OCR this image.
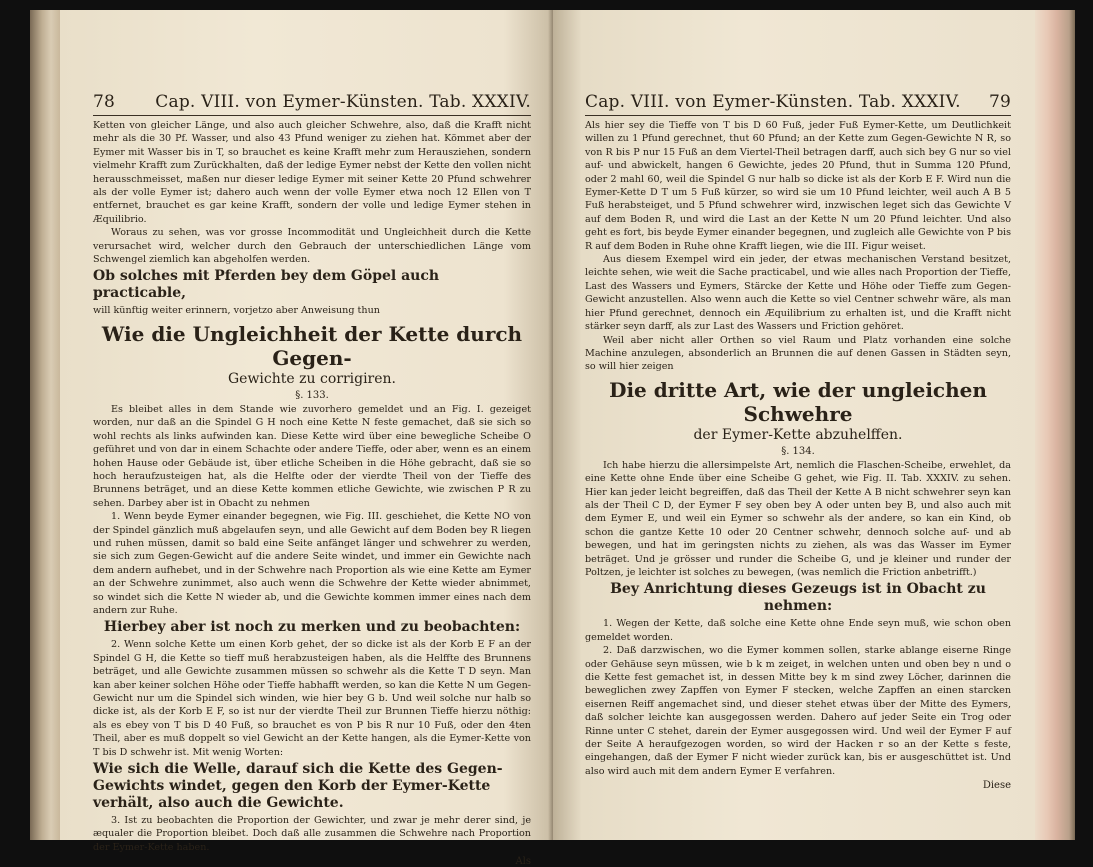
78 Cap. VIII. von Eymer-Künsten. Tab. XXXIV.

Ketten von gleicher Länge, und also auch gleicher Schwehre, also, daß die Krafft nicht mehr als die 30 Pf. Wasser, und also 43 Pfund weniger zu ziehen hat. Kömmet aber der Eymer mit Wasser bis in T, so brauchet es keine Krafft mehr zum Herausziehen, sondern vielmehr Krafft zum Zurückhalten, daß der ledige Eymer nebst der Kette den vollen nicht herausschmeisset, maßen nur dieser ledige Eymer mit seiner Kette 20 Pfund schwehrer als der volle Eymer ist; dahero auch wenn der volle Eymer etwa noch 12 Ellen von T entfernet, brauchet es gar keine Krafft, sondern der volle und ledige Eymer stehen in Æquilibrio.

Woraus zu sehen, was vor grosse Incommodität und Ungleichheit durch die Kette verursachet wird, welcher durch den Gebrauch der unterschiedlichen Länge vom Schwengel ziemlich kan abgeholfen werden.

Ob solches mit Pferden bey dem Göpel auch practicable,

will künftig weiter erinnern, vorjetzo aber Anweisung thun

Wie die Ungleichheit der Kette durch Gegen-
Gewichte zu corrigiren.
§. 133.

Es bleibet alles in dem Stande wie zuvorhero gemeldet und an Fig. I. gezeiget worden, nur daß an die Spindel G H noch eine Kette N feste gemachet, daß sie sich so wohl rechts als links aufwinden kan. Diese Kette wird über eine bewegliche Scheibe O geführet und von dar in einem Schachte oder andere Tieffe, oder aber, wenn es an einem hohen Hause oder Gebäude ist, über etliche Scheiben in die Höhe gebracht, daß sie so hoch heraufzusteigen hat, als die Helfte oder der vierdte Theil von der Tieffe des Brunnens beträget, und an diese Kette kommen etliche Gewichte, wie zwischen P R zu sehen. Darbey aber ist in Obacht zu nehmen

1. Wenn beyde Eymer einander begegnen, wie Fig. III. geschiehet, die Kette NO von der Spindel gänzlich muß abgelaufen seyn, und alle Gewicht auf dem Boden bey R liegen und ruhen müssen, damit so bald eine Seite anfänget länger und schwehrer zu werden, sie sich zum Gegen-Gewicht auf die andere Seite windet, und immer ein Gewichte nach dem andern aufhebet, und in der Schwehre nach Proportion als wie eine Kette am Eymer an der Schwehre zunimmet, also auch wenn die Schwehre der Kette wieder abnimmet, so windet sich die Kette N wieder ab, und die Gewichte kommen immer eines nach dem andern zur Ruhe.

Hierbey aber ist noch zu merken und zu beobachten:

2. Wenn solche Kette um einen Korb gehet, der so dicke ist als der Korb E F an der Spindel G H, die Kette so tieff muß herabzusteigen haben, als die Helffte des Brunnens beträget, und alle Gewichte zusammen müssen so schwehr als die Kette T D seyn. Man kan aber keiner solchen Höhe oder Tieffe habhafft werden, so kan die Kette N um Gegen-Gewicht nur um die Spindel sich winden, wie hier bey G b. Und weil solche nur halb so dicke ist, als der Korb E F, so ist nur der vierdte Theil zur Brunnen Tieffe hierzu nöthig: als es ebey von T bis D 40 Fuß, so brauchet es von P bis R nur 10 Fuß, oder den 4ten Theil, aber es muß doppelt so viel Gewicht an der Kette hangen, als die Eymer-Kette von T bis D schwehr ist. Mit wenig Worten:

Wie sich die Welle, darauf sich die Kette des Gegen-Gewichts windet, gegen den Korb der Eymer-Kette verhält, also auch die Gewichte.

3. Ist zu beobachten die Proportion der Gewichter, und zwar je mehr derer sind, je æqualer die Proportion bleibet. Doch daß alle zusammen die Schwehre nach Proportion der Eymer-Kette haben.

Als
Cap. VIII. von Eymer-Künsten. Tab. XXXIV. 79

Als hier sey die Tieffe von T bis D 60 Fuß, jeder Fuß Eymer-Kette, um Deutlichkeit willen zu 1 Pfund gerechnet, thut 60 Pfund; an der Kette zum Gegen-Gewichte N R, so von R bis P nur 15 Fuß an dem Viertel-Theil betragen darff, auch sich bey G nur so viel auf- und abwickelt, hangen 6 Gewichte, jedes 20 Pfund, thut in Summa 120 Pfund, oder 2 mahl 60, weil die Spindel G nur halb so dicke ist als der Korb E F. Wird nun die Eymer-Kette D T um 5 Fuß kürzer, so wird sie um 10 Pfund leichter, weil auch A B 5 Fuß herabsteiget, und 5 Pfund schwehrer wird, inzwischen leget sich das Gewichte V auf dem Boden R, und wird die Last an der Kette N um 20 Pfund leichter. Und also geht es fort, bis beyde Eymer einander begegnen, und zugleich alle Gewichte von P bis R auf dem Boden in Ruhe ohne Krafft liegen, wie die III. Figur weiset.

Aus diesem Exempel wird ein jeder, der etwas mechanischen Verstand besitzet, leichte sehen, wie weit die Sache practicabel, und wie alles nach Proportion der Tieffe, Last des Wassers und Eymers, Stärcke der Kette und Höhe oder Tieffe zum Gegen-Gewicht anzustellen. Also wenn auch die Kette so viel Centner schwehr wäre, als man hier Pfund gerechnet, dennoch ein Æquilibrium zu erhalten ist, und die Krafft nicht stärker seyn darff, als zur Last des Wassers und Friction gehöret.

Weil aber nicht aller Orthen so viel Raum und Platz vorhanden eine solche Machine anzulegen, absonderlich an Brunnen die auf denen Gassen in Städten seyn, so will hier zeigen

Die dritte Art, wie der ungleichen Schwehre
der Eymer-Kette abzuhelffen.
§. 134.

Ich habe hierzu die allersimpelste Art, nemlich die Flaschen-Scheibe, erwehlet, da eine Kette ohne Ende über eine Scheibe G gehet, wie Fig. II. Tab. XXXIV. zu sehen. Hier kan jeder leicht begreiffen, daß das Theil der Kette A B nicht schwehrer seyn kan als der Theil C D, der Eymer F sey oben bey A oder unten bey B, und also auch mit dem Eymer E, und weil ein Eymer so schwehr als der andere, so kan ein Kind, ob schon die gantze Kette 10 oder 20 Centner schwehr, dennoch solche auf- und ab bewegen, und hat im geringsten nichts zu ziehen, als was das Wasser im Eymer beträget. Und je grösser und runder die Scheibe G, und je kleiner und runder der Poltzen, je leichter ist solches zu bewegen, (was nemlich die Friction anbetrifft.)

Bey Anrichtung dieses Gezeugs ist in Obacht zu nehmen:

1. Wegen der Kette, daß solche eine Kette ohne Ende seyn muß, wie schon oben gemeldet worden.

2. Daß darzwischen, wo die Eymer kommen sollen, starke ablange eiserne Ringe oder Gehäuse seyn müssen, wie b k m zeiget, in welchen unten und oben bey n und o die Kette fest gemachet ist, in dessen Mitte bey k m sind zwey Löcher, darinnen die beweglichen zwey Zapffen von Eymer F stecken, welche Zapffen an einen starcken eisernen Reiff angemachet sind, und dieser stehet etwas über der Mitte des Eymers, daß solcher leichte kan ausgegossen werden. Dahero auf jeder Seite ein Trog oder Rinne unter C stehet, darein der Eymer ausgegossen wird. Und weil der Eymer F auf der Seite A heraufgezogen worden, so wird der Hacken r so an der Kette s feste, eingehangen, daß der Eymer F nicht wieder zurück kan, bis er ausgeschüttet ist. Und also wird auch mit dem andern Eymer E verfahren.

Diese
